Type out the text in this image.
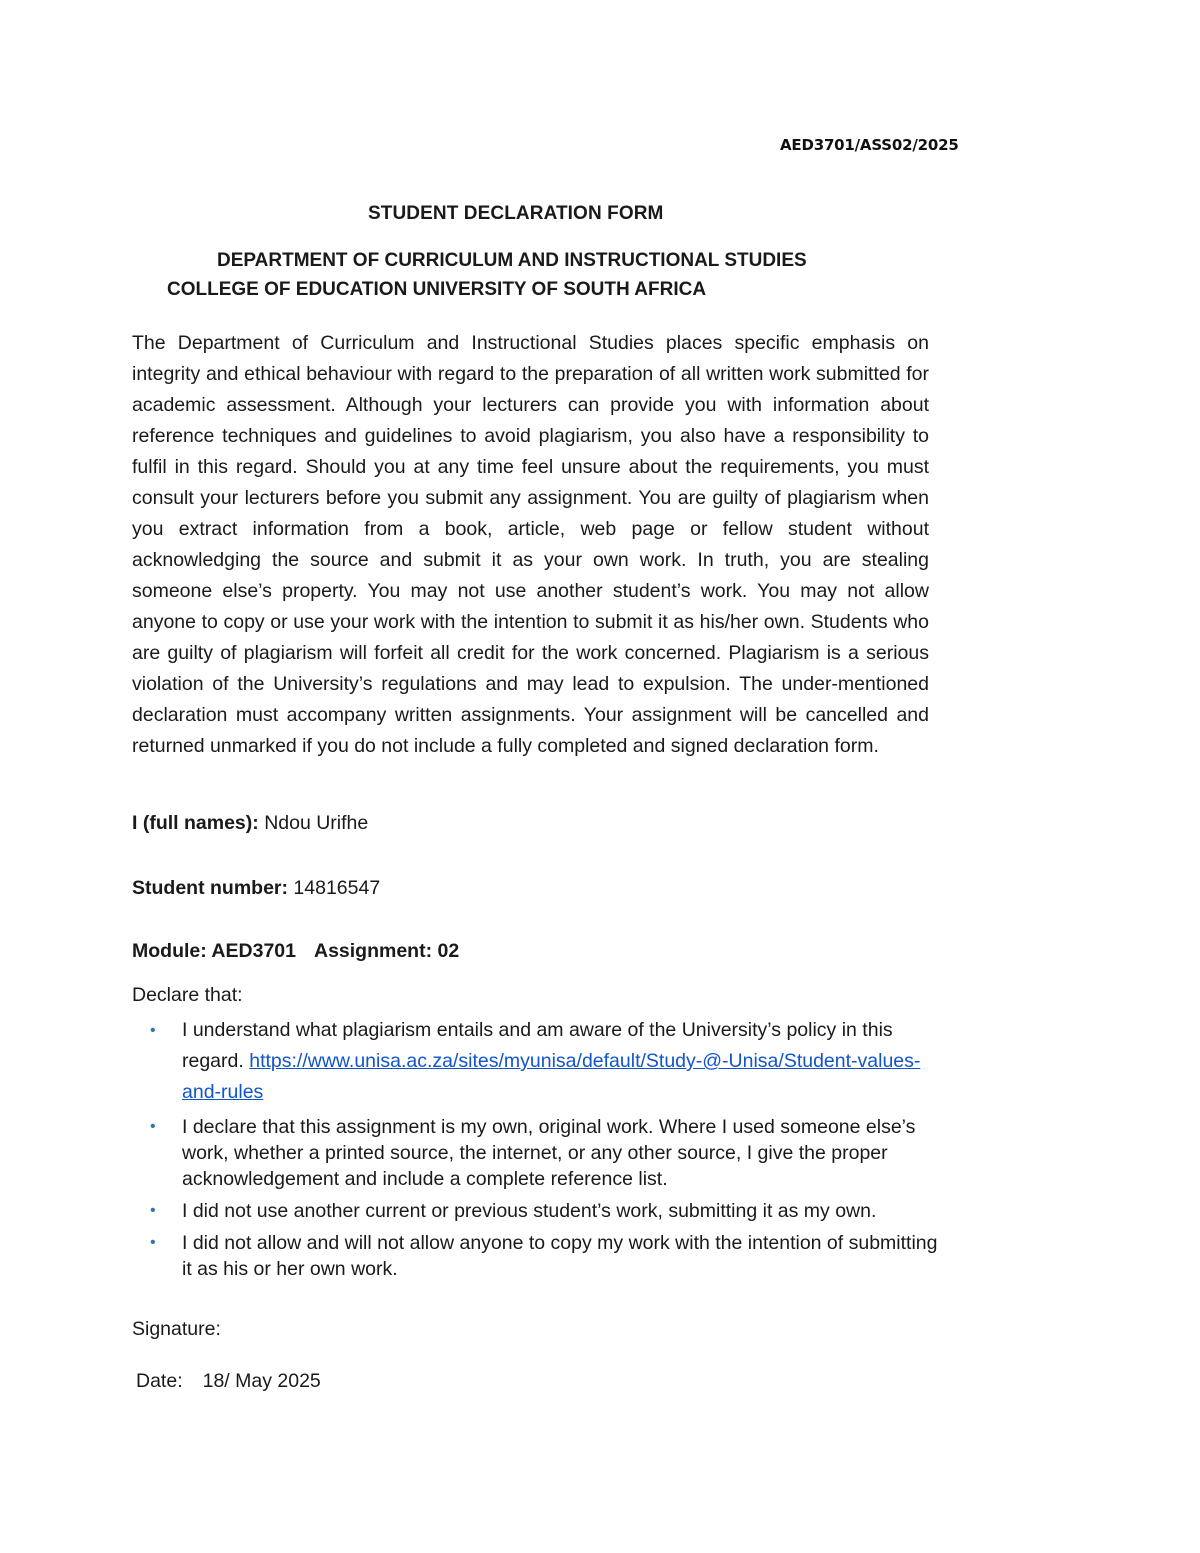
AED3701/ASS02/2025
STUDENT DECLARATION FORM
DEPARTMENT OF CURRICULUM AND INSTRUCTIONAL STUDIES
COLLEGE OF EDUCATION UNIVERSITY OF SOUTH AFRICA

The Department of Curriculum and Instructional Studies places specific emphasis on integrity and ethical behaviour with regard to the preparation of all written work submitted for academic assessment. Although your lecturers can provide you with information about reference techniques and guidelines to avoid plagiarism, you also have a responsibility to fulfil in this regard. Should you at any time feel unsure about the requirements, you must consult your lecturers before you submit any assignment. You are guilty of plagiarism when you extract information from a book, article, web page or fellow student without acknowledging the source and submit it as your own work. In truth, you are stealing someone else’s property. You may not use another student’s work. You may not allow anyone to copy or use your work with the intention to submit it as his/her own. Students who are guilty of plagiarism will forfeit all credit for the work concerned. Plagiarism is a serious violation of the University’s regulations and may lead to expulsion. The under-mentioned declaration must accompany written assignments. Your assignment will be cancelled and returned unmarked if you do not include a fully completed and signed declaration form.

I (full names): Ndou Urifhe
Student number: 14816547
Module: AED3701 Assignment: 02
Declare that:
• I understand what plagiarism entails and am aware of the University’s policy in this regard. https://www.unisa.ac.za/sites/myunisa/default/Study-@-Unisa/Student-values-and-rules
• I declare that this assignment is my own, original work. Where I used someone else’s work, whether a printed source, the internet, or any other source, I give the proper acknowledgement and include a complete reference list.
• I did not use another current or previous student’s work, submitting it as my own.
• I did not allow and will not allow anyone to copy my work with the intention of submitting it as his or her own work.
Signature:
Date: 18/ May 2025
